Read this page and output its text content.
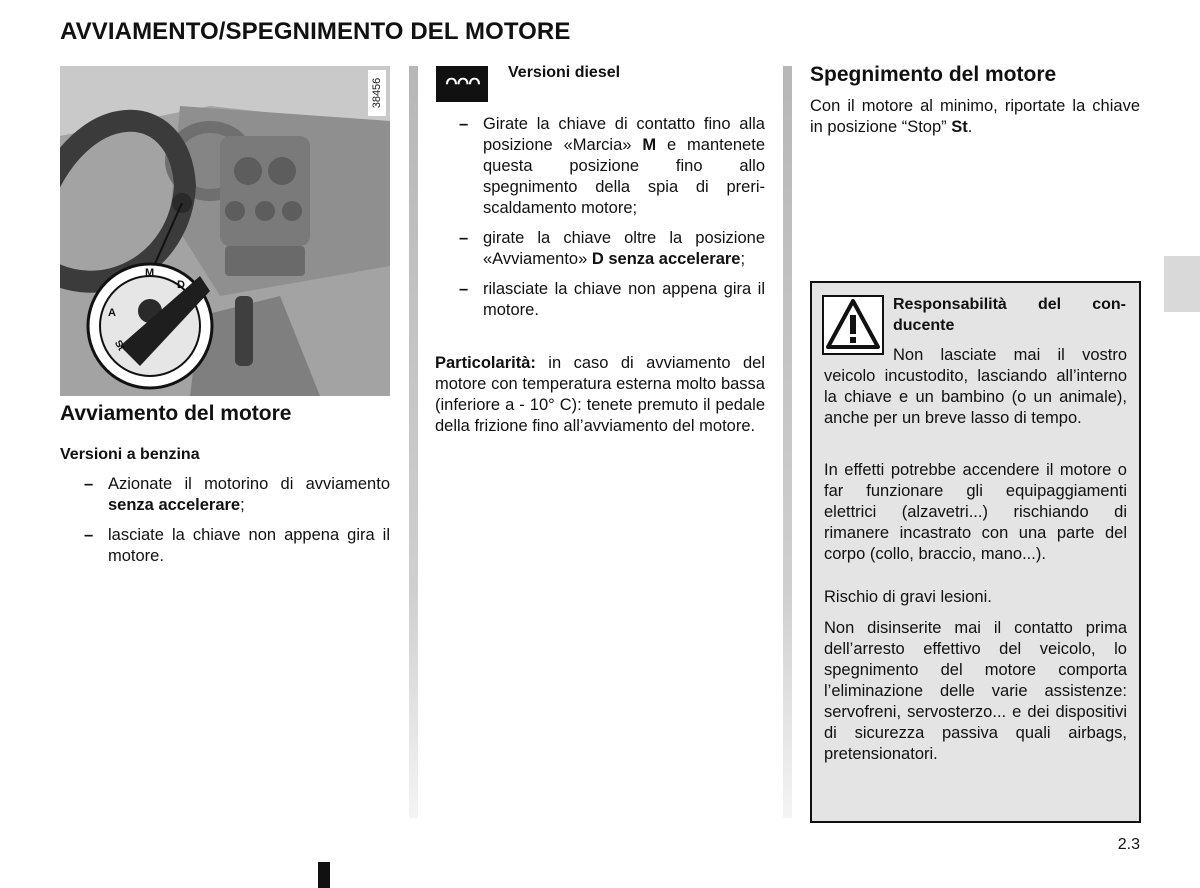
AVVIAMENTO/SPEGNIMENTO DEL MOTORE
M
D
A
St
38456
Avviamento del motore
Versioni a benzina
– Azionate il motorino di avviamento senza accelerare;
– lasciate la chiave non appena gira il motore.
ᴖᴖᴖ	Versioni diesel
– Girate la chiave di contatto fino alla posizione «Marcia» M e mantenete questa posizione fino allo spegnimento della spia di preriscaldamento motore;
– girate la chiave oltre la posizione «Avviamento» D senza accelerare;
– rilasciate la chiave non appena gira il motore.
Particolarità: in caso di avviamento del motore con temperatura esterna molto bassa (inferiore a - 10° C): tenete premuto il pedale della frizione fino all’avviamento del motore.
Spegnimento del motore
Con il motore al minimo, riportate la chiave in posizione “Stop” St.
Responsabilità del conducente
Non lasciate mai il vostro veicolo incustodito, lasciando all’interno la chiave e un bambino (o un animale), anche per un breve lasso di tempo.
In effetti potrebbe accendere il motore o far funzionare gli equipaggiamenti elettrici (alzavetri...) rischiando di rimanere incastrato con una parte del corpo (collo, braccio, mano...).
Rischio di gravi lesioni.
Non disinserite mai il contatto prima dell’arresto effettivo del veicolo, lo spegnimento del motore comporta l’eliminazione delle varie assistenze: servofreni, servosterzo... e dei dispositivi di sicurezza passiva quali airbags, pretensionatori.
2.3
